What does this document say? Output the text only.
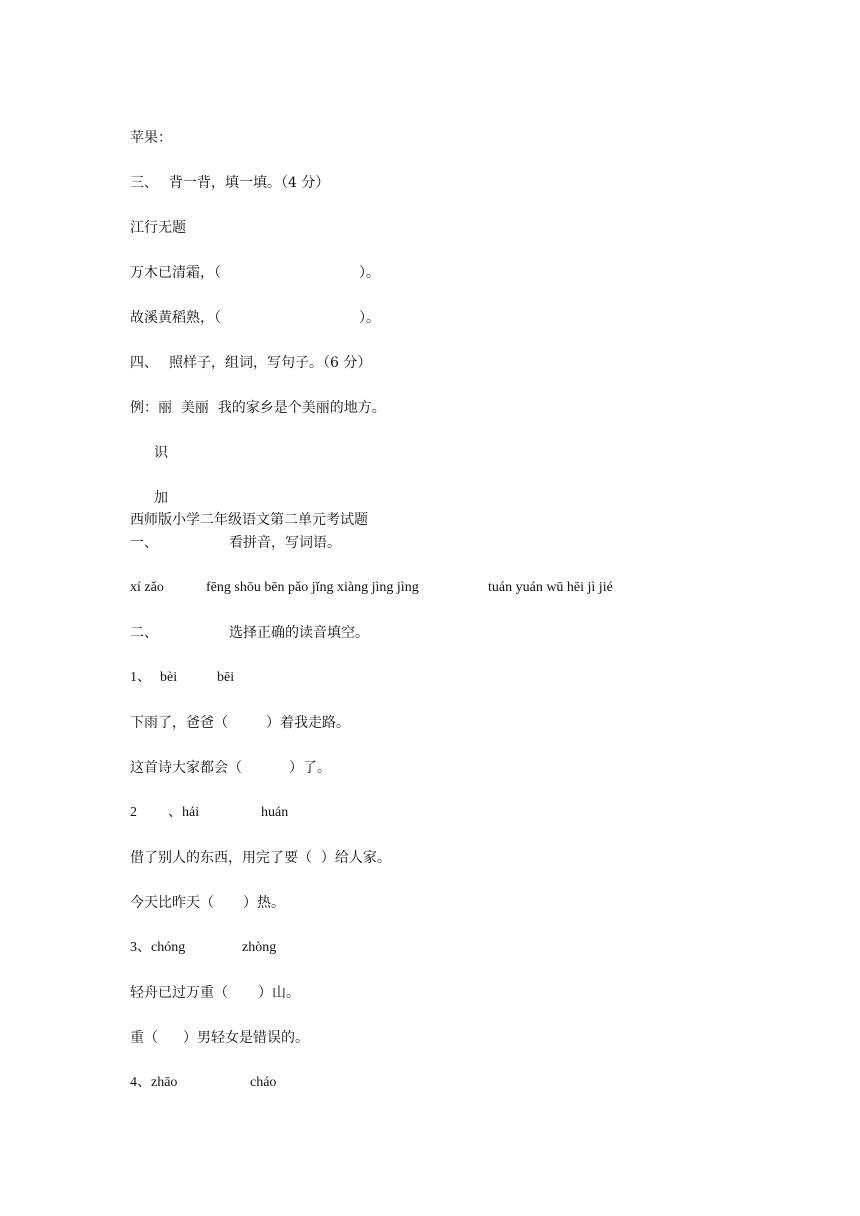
苹果：
三、 背一背，填一填。（4 分）
江行无题
万木已清霜，（	）。
故溪黄稻熟，（	）。
四、 照样子，组词，写句子。（6 分）
例：丽  美丽  我的家乡是个美丽的地方。
识
加
西师版小学二年级语文第二单元考试题
一、	看拼音，写词语。
xí zǎo	fēng shōu bēn pǎo jǐng xiàng jìng jìng	tuán yuán wū hēi jì jié
二、	选择正确的读音填空。
1、 bèi	bēi
下雨了，爸爸（	）着我走路。
这首诗大家都会（	）了。
2 、hái	huán
借了别人的东西，用完了要（  ）给人家。
今天比昨天（ ）热。
3、chóng	zhòng
轻舟已过万重（ ）山。
重（ ）男轻女是错误的。
4、zhāo	cháo
